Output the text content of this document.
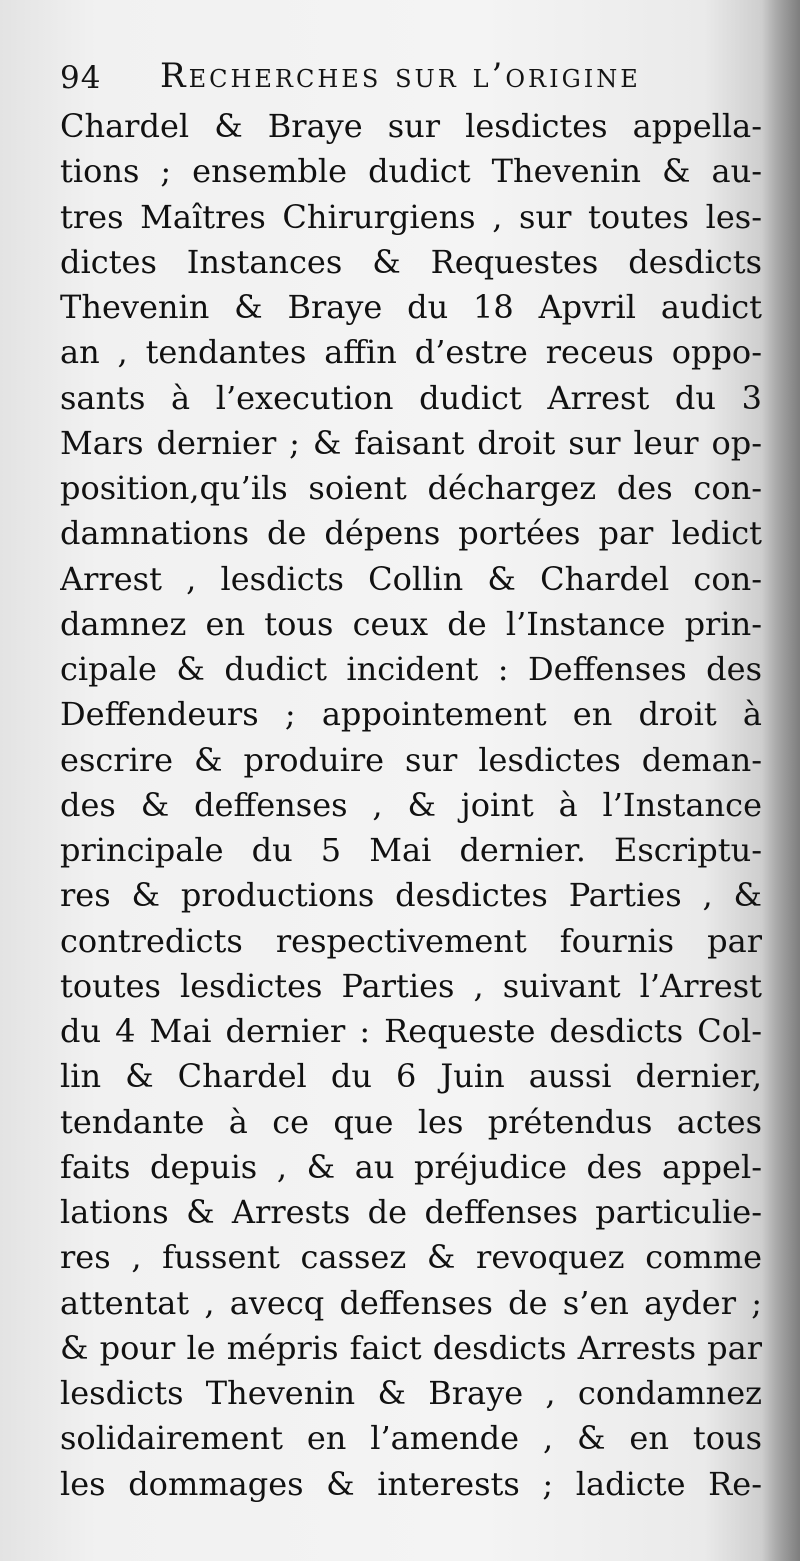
94 Recherches sur l’origine
Chardel & Braye sur lesdictes appella-
tions ; ensemble dudict Thevenin & au-
tres Maîtres Chirurgiens , sur toutes les-
dictes Instances & Requestes desdicts
Thevenin & Braye du 18 Apvril audict
an , tendantes affin d’estre receus oppo-
sants à l’execution dudict Arrest du 3
Mars dernier ; & faisant droit sur leur op-
position,qu’ils soient déchargez des con-
damnations de dépens portées par ledict
Arrest , lesdicts Collin & Chardel con-
damnez en tous ceux de l’Instance prin-
cipale & dudict incident : Deffenses des
Deffendeurs ; appointement en droit à
escrire & produire sur lesdictes deman-
des & deffenses , & joint à l’Instance
principale du 5 Mai dernier. Escriptu-
res & productions desdictes Parties , &
contredicts respectivement fournis par
toutes lesdictes Parties , suivant l’Arrest
du 4 Mai dernier : Requeste desdicts Col-
lin & Chardel du 6 Juin aussi dernier,
tendante à ce que les prétendus actes
faits depuis , & au préjudice des appel-
lations & Arrests de deffenses particulie-
res , fussent cassez & revoquez comme
attentat , avecq deffenses de s’en ayder ;
& pour le mépris faict desdicts Arrests par
lesdicts Thevenin & Braye , condamnez
solidairement en l’amende , & en tous
les dommages & interests ; ladicte Re-
